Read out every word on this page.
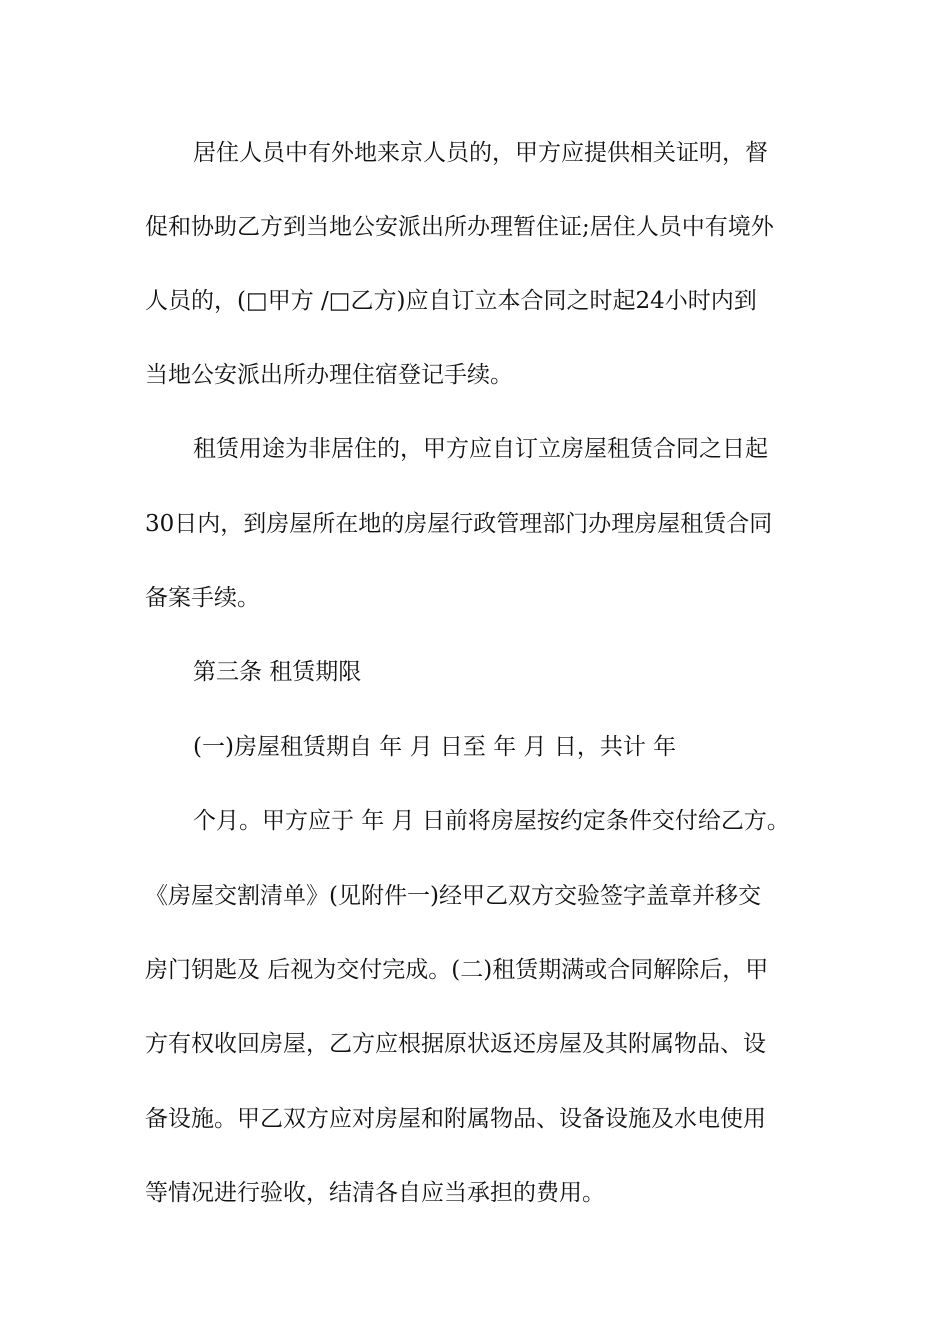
居住人员中有外地来京人员的，甲方应提供相关证明，督
促和协助乙方到当地公安派出所办理暂住证;居住人员中有境外
人员的，(□甲方 /□乙方)应自订立本合同之时起24小时内到
当地公安派出所办理住宿登记手续。
租赁用途为非居住的，甲方应自订立房屋租赁合同之日起
30日内，到房屋所在地的房屋行政管理部门办理房屋租赁合同
备案手续。
第三条 租赁期限
(一)房屋租赁期自 年 月 日至 年 月 日，共计 年
个月。甲方应于 年 月 日前将房屋按约定条件交付给乙方。
《房屋交割清单》(见附件一)经甲乙双方交验签字盖章并移交
房门钥匙及 后视为交付完成。(二)租赁期满或合同解除后，甲
方有权收回房屋，乙方应根据原状返还房屋及其附属物品、设
备设施。甲乙双方应对房屋和附属物品、设备设施及水电使用
等情况进行验收，结清各自应当承担的费用。
